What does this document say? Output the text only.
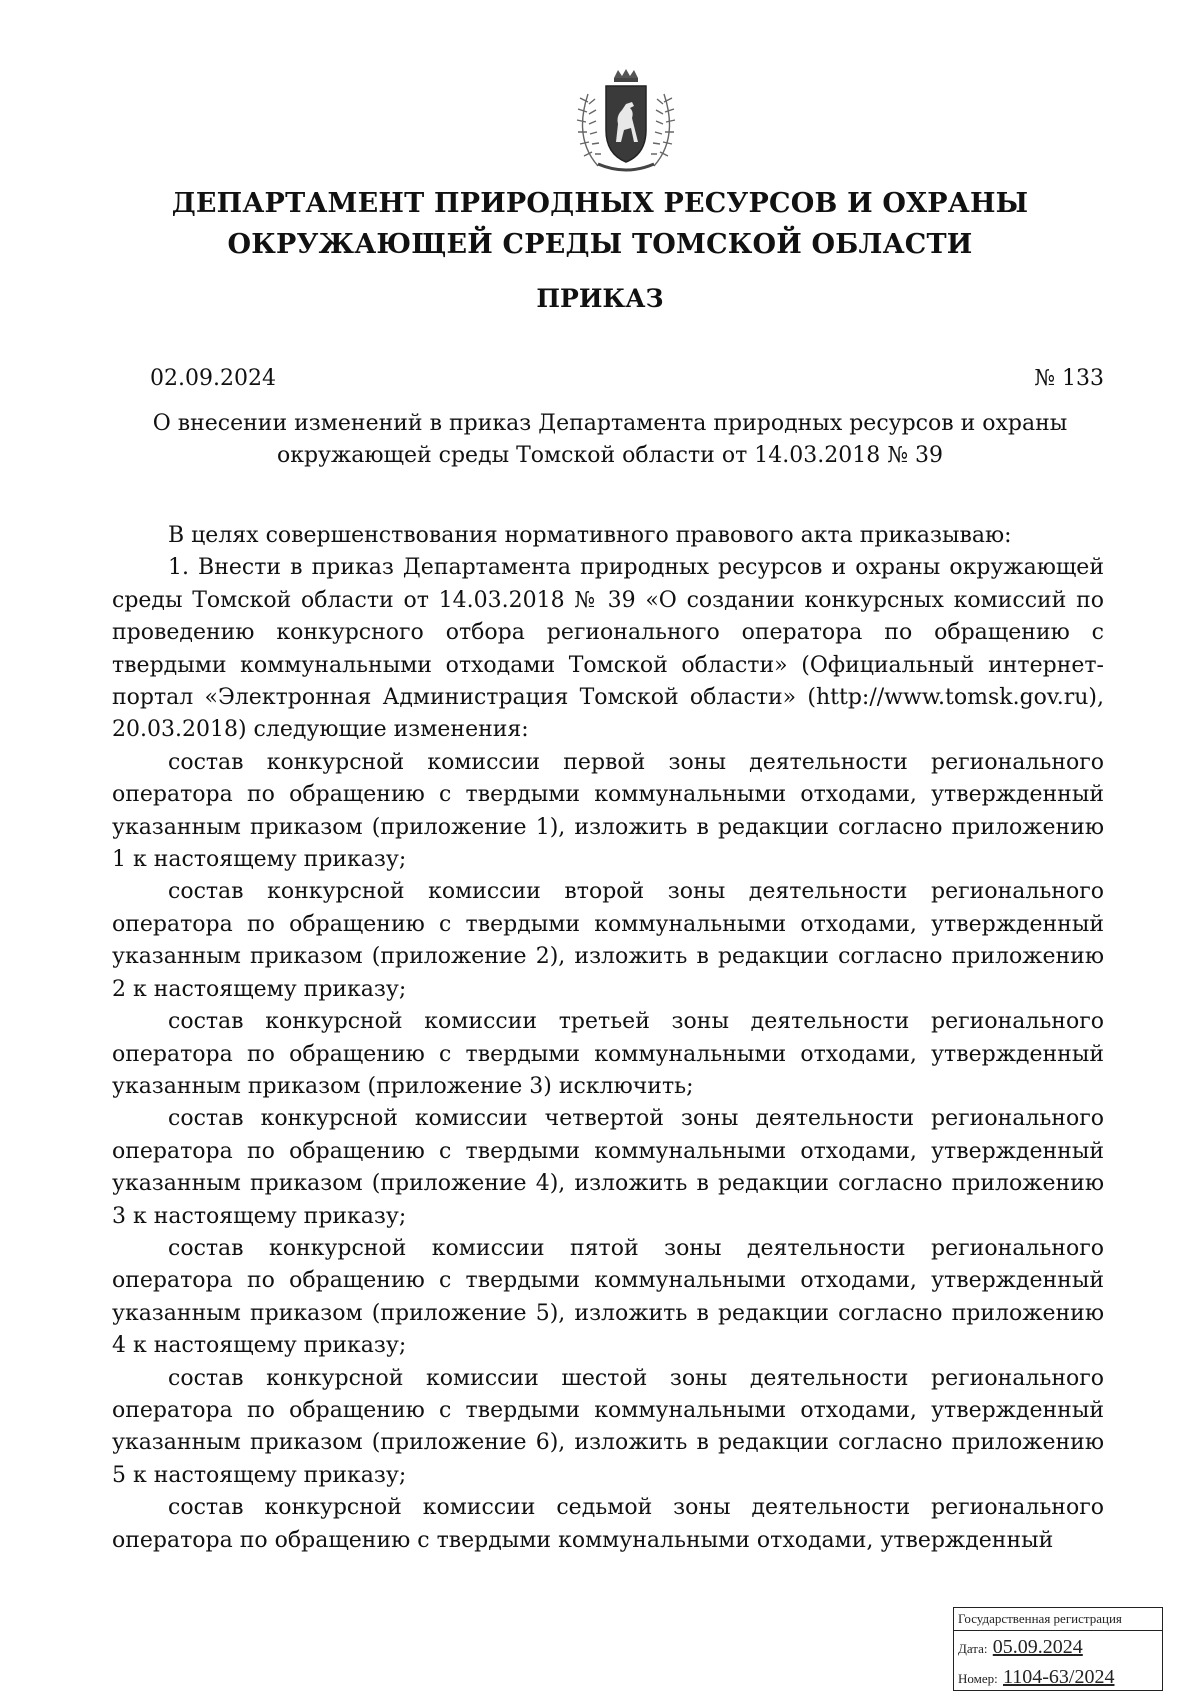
ДЕПАРТАМЕНТ ПРИРОДНЫХ РЕСУРСОВ И ОХРАНЫ
ОКРУЖАЮЩЕЙ СРЕДЫ ТОМСКОЙ ОБЛАСТИ
ПРИКАЗ
02.09.2024	№ 133
О внесении изменений в приказ Департамента природных ресурсов и охраны
окружающей среды Томской области от 14.03.2018 № 39

В целях совершенствования нормативного правового акта приказываю:

1. Внести в приказ Департамента природных ресурсов и охраны окружающей среды Томской области от 14.03.2018 № 39 «О создании конкурсных комиссий по проведению конкурсного отбора регионального оператора по обращению с твердыми коммунальными отходами Томской области» (Официальный интернет-портал «Электронная Администрация Томской области» (http://www.tomsk.gov.ru), 20.03.2018) следующие изменения:

состав конкурсной комиссии первой зоны деятельности регионального оператора по обращению с твердыми коммунальными отходами, утвержденный указанным приказом (приложение 1), изложить в редакции согласно приложению 1 к настоящему приказу;

состав конкурсной комиссии второй зоны деятельности регионального оператора по обращению с твердыми коммунальными отходами, утвержденный указанным приказом (приложение 2), изложить в редакции согласно приложению 2 к настоящему приказу;

состав конкурсной комиссии третьей зоны деятельности регионального оператора по обращению с твердыми коммунальными отходами, утвержденный указанным приказом (приложение 3) исключить;

состав конкурсной комиссии четвертой зоны деятельности регионального оператора по обращению с твердыми коммунальными отходами, утвержденный указанным приказом (приложение 4), изложить в редакции согласно приложению 3 к настоящему приказу;

состав конкурсной комиссии пятой зоны деятельности регионального оператора по обращению с твердыми коммунальными отходами, утвержденный указанным приказом (приложение 5), изложить в редакции согласно приложению 4 к настоящему приказу;

состав конкурсной комиссии шестой зоны деятельности регионального оператора по обращению с твердыми коммунальными отходами, утвержденный указанным приказом (приложение 6), изложить в редакции согласно приложению 5 к настоящему приказу;

состав конкурсной комиссии седьмой зоны деятельности регионального оператора по обращению с твердыми коммунальными отходами, утвержденный

Государственная регистрация
Дата: 05.09.2024
Номер: 1104-63/2024
